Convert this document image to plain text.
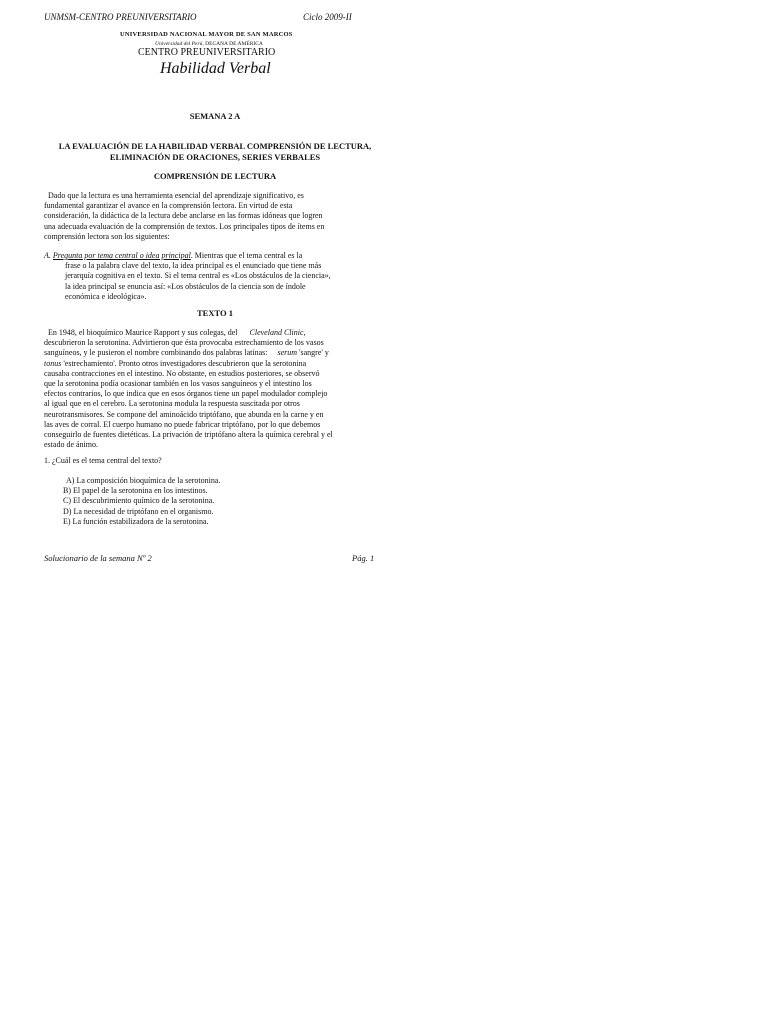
UNMSM-CENTRO PREUNIVERSITARIO	Ciclo 2009-II
UNIVERSIDAD NACIONAL MAYOR DE SAN MARCOS
Universidad del Perú, DECANA DE AMÉRICA
CENTRO PREUNIVERSITARIO
Habilidad Verbal
SEMANA 2 A
LA EVALUACIÓN DE LA HABILIDAD VERBAL COMPRENSIÓN DE LECTURA,
ELIMINACIÓN DE ORACIONES, SERIES VERBALES
COMPRENSIÓN DE LECTURA
Dado que la lectura es una herramienta esencial del aprendizaje significativo, es
fundamental garantizar el avance en la comprensión lectora. En virtud de esta
consideración, la didáctica de la lectura debe anclarse en las formas idóneas que logren
una adecuada evaluación de la comprensión de textos. Los principales tipos de ítems en
comprensión lectora son los siguientes:
A. Pregunta por tema central o idea principal. Mientras que el tema central es la
frase o la palabra clave del texto, la idea principal es el enunciado que tiene más
jerarquía cognitiva en el texto. Si el tema central es «Los obstáculos de la ciencia»,
la idea principal se enuncia así: «Los obstáculos de la ciencia son de índole
económica e ideológica».
TEXTO 1
En 1948, el bioquímico Maurice Rapport y sus colegas, del Cleveland Clinic,
descubrieron la serotonina. Advirtieron que ésta provocaba estrechamiento de los vasos
sanguíneos, y le pusieron el nombre combinando dos palabras latinas: serum 'sangre' y
tonus 'estrechamiento'. Pronto otros investigadores descubrieron que la serotonina
causaba contracciones en el intestino. No obstante, en estudios posteriores, se observó
que la serotonina podía ocasionar también en los vasos sanguíneos y el intestino los
efectos contrarios, lo que indica que en esos órganos tiene un papel modulador complejo
al igual que en el cerebro. La serotonina modula la respuesta suscitada por otros
neurotransmisores. Se compone del aminoácido triptófano, que abunda en la carne y en
las aves de corral. El cuerpo humano no puede fabricar triptófano, por lo que debemos
conseguirlo de fuentes dietéticas. La privación de triptófano altera la química cerebral y el
estado de ánimo.
1. ¿Cuál es el tema central del texto?
A) La composición bioquímica de la serotonina.
B) El papel de la serotonina en los intestinos.
C) El descubrimiento químico de la serotonina.
D) La necesidad de triptófano en el organismo.
E) La función estabilizadora de la serotonina.
Solucionario de la semana Nº 2	Pág. 1
